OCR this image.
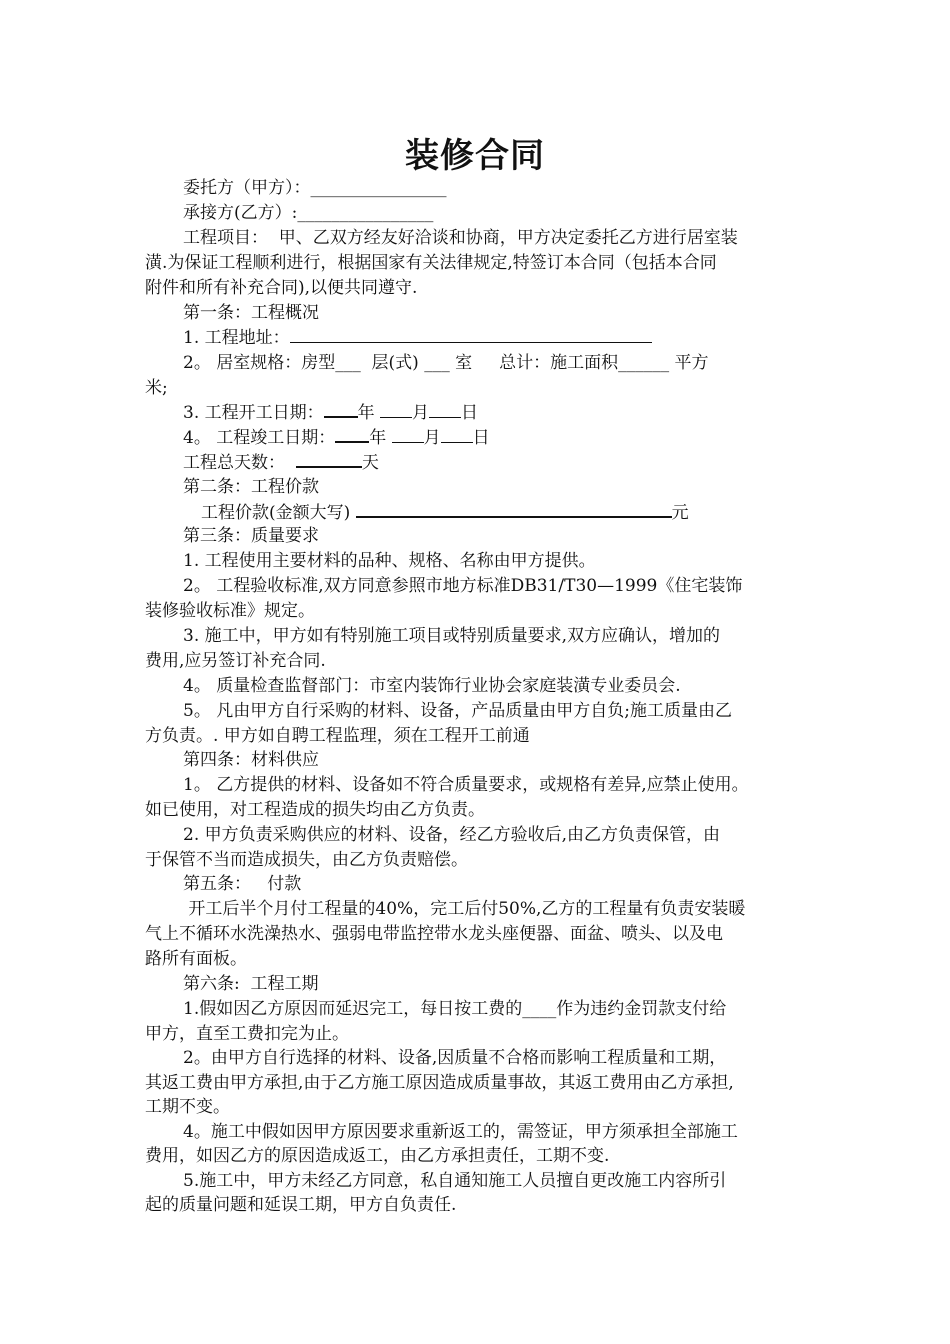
装修合同
委托方（甲方）：________________
承接方(乙方）:________________
工程项目：  甲、乙双方经友好洽谈和协商，甲方决定委托乙方进行居室装
潢.为保证工程顺利进行，根据国家有关法律规定,特签订本合同（包括本合同
附件和所有补充合同),以便共同遵守.
第一条：工程概况
1. 工程地址：
2。 居室规格：房型___  层(式) ___ 室     总计：施工面积______ 平方
米;
3. 工程开工日期： 年 月 日
4。 工程竣工日期： 年 月 日
工程总天数：	天
第二条：工程价款
工程价款(金额大写)	元
第三条：质量要求
1. 工程使用主要材料的品种、规格、名称由甲方提供。
2。 工程验收标准,双方同意参照市地方标准DB31/T30—1999《住宅装饰
装修验收标准》规定。
3. 施工中，甲方如有特别施工项目或特别质量要求,双方应确认，增加的
费用,应另签订补充合同.
4。 质量检查监督部门：市室内装饰行业协会家庭装潢专业委员会.
5。 凡由甲方自行采购的材料、设备，产品质量由甲方自负;施工质量由乙
方负责。. 甲方如自聘工程监理，须在工程开工前通
第四条：材料供应
1。 乙方提供的材料、设备如不符合质量要求，或规格有差异,应禁止使用。
如已使用，对工程造成的损失均由乙方负责。
2. 甲方负责采购供应的材料、设备，经乙方验收后,由乙方负责保管，由
于保管不当而造成损失，由乙方负责赔偿。
第五条：   付款
开工后半个月付工程量的40%，完工后付50%,乙方的工程量有负责安装暖
气上不循环水洗澡热水、强弱电带监控带水龙头座便器、面盆、喷头、以及电
路所有面板。
第六条:  工程工期
1.假如因乙方原因而延迟完工，每日按工费的____作为违约金罚款支付给
甲方，直至工费扣完为止。
2。由甲方自行选择的材料、设备,因质量不合格而影响工程质量和工期，
其返工费由甲方承担,由于乙方施工原因造成质量事故，其返工费用由乙方承担,
工期不变。
4。施工中假如因甲方原因要求重新返工的，需签证，甲方须承担全部施工
费用，如因乙方的原因造成返工，由乙方承担责任，工期不变.
5.施工中，甲方未经乙方同意，私自通知施工人员擅自更改施工内容所引
起的质量问题和延误工期，甲方自负责任.
